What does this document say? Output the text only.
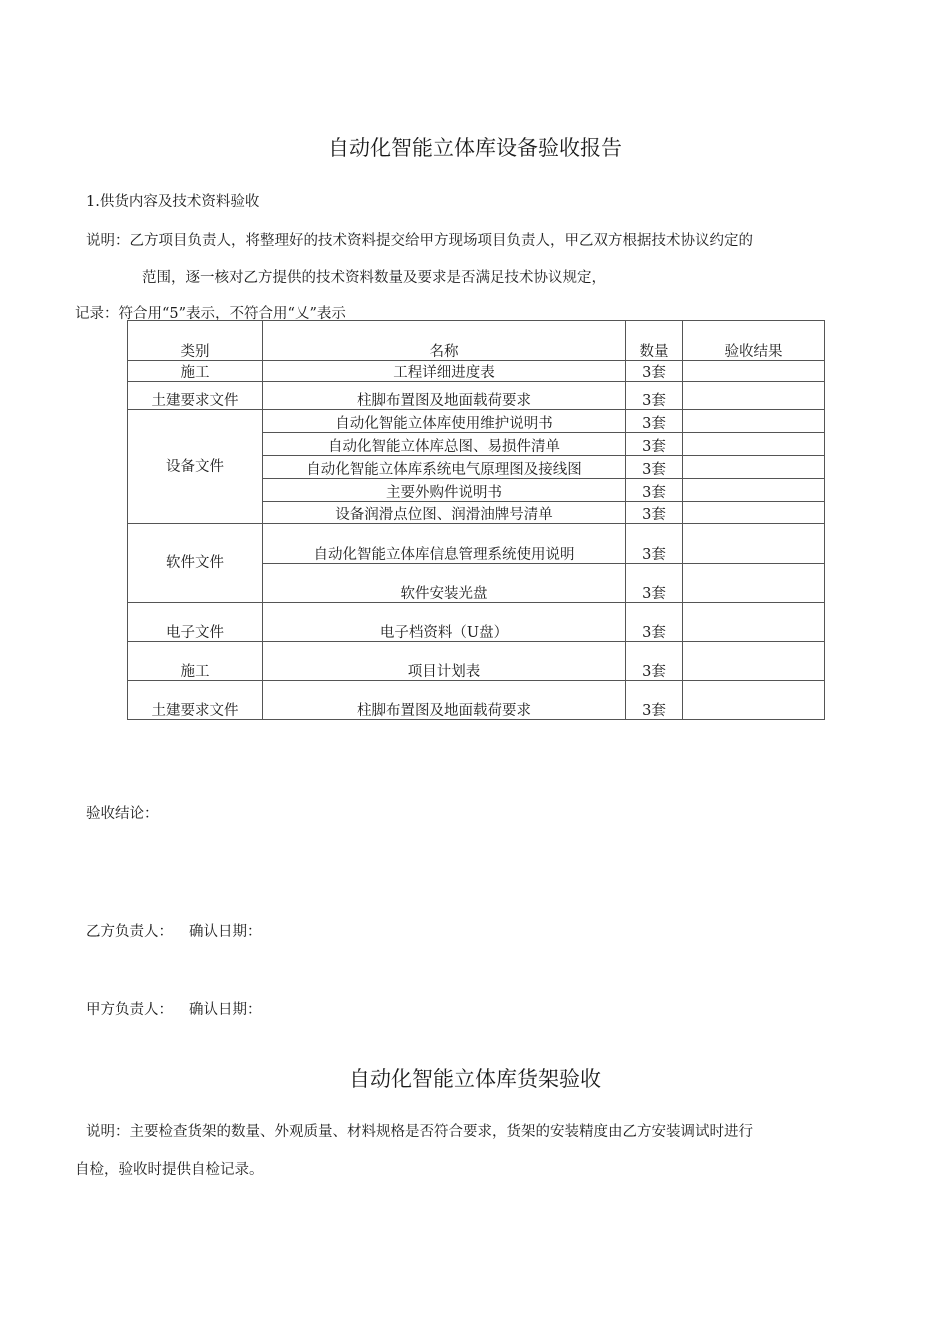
自动化智能立体库设备验收报告
1.供货内容及技术资料验收
说明：乙方项目负责人，将整理好的技术资料提交给甲方现场项目负责人，甲乙双方根据技术协议约定的
范围，逐一核对乙方提供的技术资料数量及要求是否满足技术协议规定，
记录：符合用“5”表示，不符合用“乂”表示
类别	名称	数量	验收结果
施工	工程详细进度表	3套	
土建要求文件	柱脚布置图及地面载荷要求	3套	
设备文件	自动化智能立体库使用维护说明书	3套	
	自动化智能立体库总图、易损件清单	3套	
	自动化智能立体库系统电气原理图及接线图	3套	
	主要外购件说明书	3套	
	设备润滑点位图、润滑油牌号清单	3套	
软件文件	自动化智能立体库信息管理系统使用说明	3套	
	软件安装光盘	3套	
电子文件	电子档资料（U盘）	3套	
施工	项目计划表	3套	
土建要求文件	柱脚布置图及地面载荷要求	3套	
验收结论：
乙方负责人： 确认日期：
甲方负责人： 确认日期：
自动化智能立体库货架验收
说明：主要检查货架的数量、外观质量、材料规格是否符合要求，货架的安装精度由乙方安装调试时进行
自检，验收时提供自检记录。
